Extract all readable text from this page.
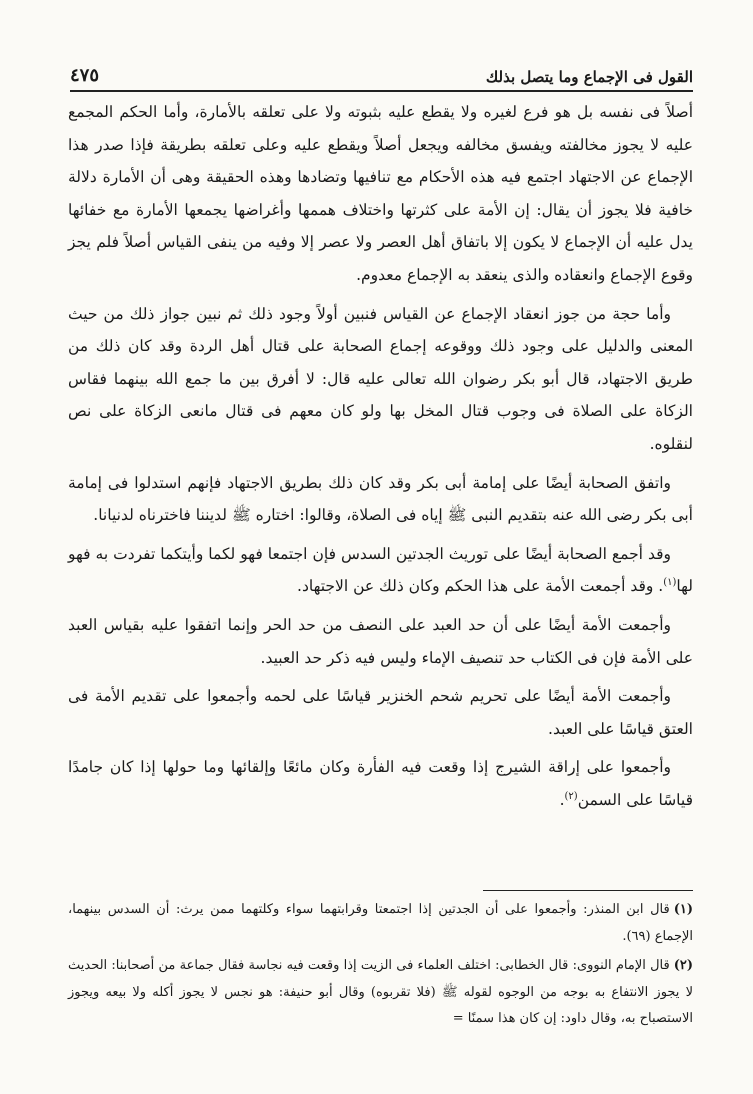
القول فى الإجماع وما يتصل بذلك
٤٧٥

أصلاً فى نفسه بل هو فرع لغيره ولا يقطع عليه بثبوته ولا على تعلقه بالأمارة، وأما الحكم المجمع عليه لا يجوز مخالفته ويفسق مخالفه ويجعل أصلاً ويقطع عليه وعلى تعلقه بطريقة فإذا صدر هذا الإجماع عن الاجتهاد اجتمع فيه هذه الأحكام مع تنافيها وتضادها وهذه الحقيقة وهى أن الأمارة دلالة خافية فلا يجوز أن يقال: إن الأمة على كثرتها واختلاف هممها وأغراضها يجمعها الأمارة مع خفائها يدل عليه أن الإجماع لا يكون إلا باتفاق أهل العصر ولا عصر إلا وفيه من ينفى القياس أصلاً فلم يجز وقوع الإجماع وانعقاده والذى ينعقد به الإجماع معدوم.

وأما حجة من جوز انعقاد الإجماع عن القياس فنبين أولاً وجود ذلك ثم نبين جواز ذلك من حيث المعنى والدليل على وجود ذلك ووقوعه إجماع الصحابة على قتال أهل الردة وقد كان ذلك من طريق الاجتهاد، قال أبو بكر رضوان الله تعالى عليه قال: لا أفرق بين ما جمع الله بينهما فقاس الزكاة على الصلاة فى وجوب قتال المخل بها ولو كان معهم فى قتال مانعى الزكاة على نص لنقلوه.

واتفق الصحابة أيضًا على إمامة أبى بكر وقد كان ذلك بطريق الاجتهاد فإنهم استدلوا فى إمامة أبى بكر رضى الله عنه بتقديم النبى ﷺ إياه فى الصلاة، وقالوا: اختاره ﷺ لديننا فاخترناه لدنيانا.

وقد أجمع الصحابة أيضًا على توريث الجدتين السدس فإن اجتمعا فهو لكما وأيتكما تفردت به فهو لها$^{(١)}$. وقد أجمعت الأمة على هذا الحكم وكان ذلك عن الاجتهاد.

وأجمعت الأمة أيضًا على أن حد العبد على النصف من حد الحر وإنما اتفقوا عليه بقياس العبد على الأمة فإن فى الكتاب حد تنصيف الإماء وليس فيه ذكر حد العبيد.

وأجمعت الأمة أيضًا على تحريم شحم الخنزير قياسًا على لحمه وأجمعوا على تقديم الأمة فى العتق قياسًا على العبد.

وأجمعوا على إراقة الشيرج إذا وقعت فيه الفأرة وكان مائعًا وإلقائها وما حولها إذا كان جامدًا قياسًا على السمن$^{(٢)}$.

(١)قال ابن المنذر: وأجمعوا على أن الجدتين إذا اجتمعتا وقرابتهما سواء وكلتهما ممن يرث: أن السدس بينهما، الإجماع (٦٩).

(٢)قال الإمام النووى: قال الخطابى: اختلف العلماء فى الزيت إذا وقعت فيه نجاسة فقال جماعة من أصحابنا: الحديث لا يجوز الانتفاع به بوجه من الوجوه لقوله ﷺ (فلا تقربوه) وقال أبو حنيفة: هو نجس لا يجوز أكله ولا بيعه ويجوز الاستصباح به، وقال داود: إن كان هذا سمنًا =
